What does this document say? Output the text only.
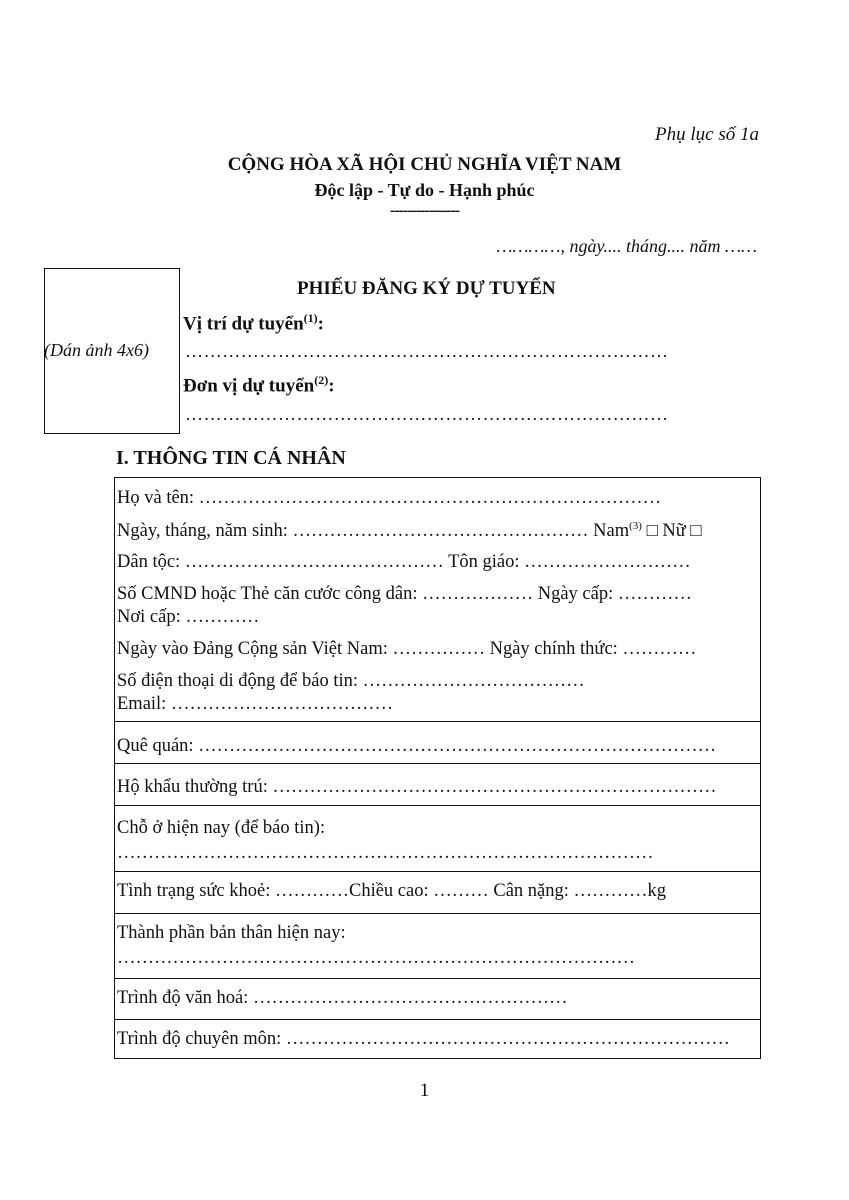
Phụ lục số 1a
CỘNG HÒA XÃ HỘI CHỦ NGHĨA VIỆT NAM
Độc lập - Tự do - Hạnh phúc
----------------
…………, ngày.... tháng.... năm ……
(Dán ảnh 4x6)
PHIẾU ĐĂNG KÝ DỰ TUYỂN
Vị trí dự tuyển$^{(1)}$:
……………………………………………………………………
Đơn vị dự tuyển$^{(2)}$:
……………………………………………………………………
I. THÔNG TIN CÁ NHÂN
Họ và tên: …………………………………………………………………
Ngày, tháng, năm sinh: ………………………………………… Nam$^{(3)}$ □ Nữ □
Dân tộc: …………………………………… Tôn giáo: ………………………
Số CMND hoặc Thẻ căn cước công dân: ……………… Ngày cấp: …………
Nơi cấp: …………
Ngày vào Đảng Cộng sản Việt Nam: …………… Ngày chính thức: …………
Số điện thoại di động để báo tin: ………………………………
Email: ………………………………
Quê quán: …………………………………………………………………………
Hộ khẩu thường trú: ………………………………………………………………
Chỗ ở hiện nay (để báo tin):
……………………………………………………………………………
Tình trạng sức khoẻ: …………Chiều cao: ……… Cân nặng: …………kg
Thành phần bản thân hiện nay:
…………………………………………………………………………
Trình độ văn hoá: ……………………………………………
Trình độ chuyên môn: ………………………………………………………………
1
